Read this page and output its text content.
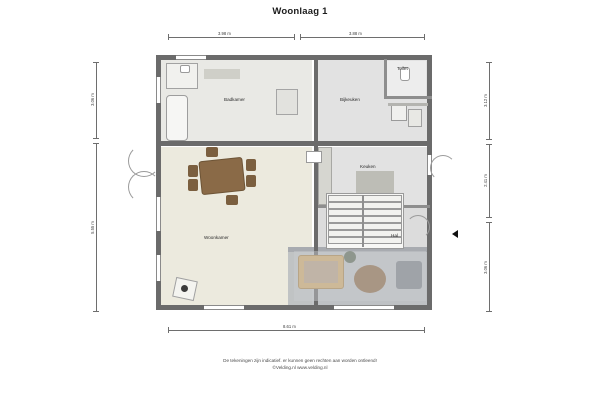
Woonlaag 1
3.98 m	3.88 m
3.06 m
5.55 m
3.12 m
2.41 m
3.06 m
8.61 m
Badkamer	Bijkeuken
Toilet
Keuken
Woonkamer	Hal
De tekeningen zijn indicatief. er kunnen geen rechten aan worden ontleend!
©Velding.nl www.velding.nl
